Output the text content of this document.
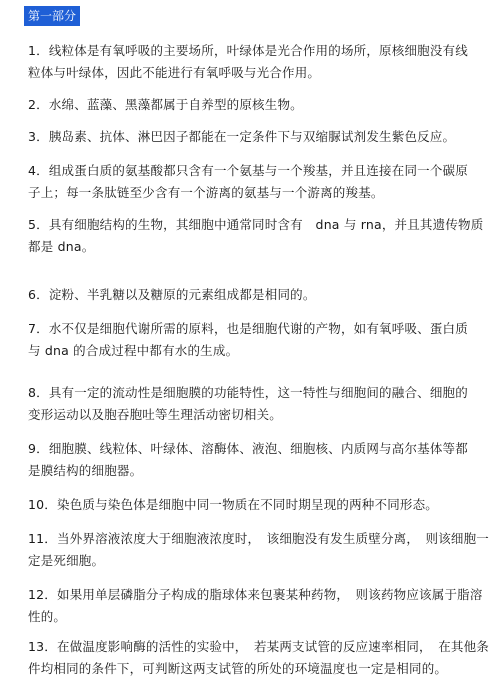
第一部分
1．线粒体是有氧呼吸的主要场所，叶绿体是光合作用的场所，原核细胞没有线
粒体与叶绿体，因此不能进行有氧呼吸与光合作用。
2．水绵、蓝藻、黑藻都属于自养型的原核生物。
3．胰岛素、抗体、淋巴因子都能在一定条件下与双缩脲试剂发生紫色反应。
4．组成蛋白质的氨基酸都只含有一个氨基与一个羧基，并且连接在同一个碳原
子上；每一条肽链至少含有一个游离的氨基与一个游离的羧基。
5．具有细胞结构的生物，其细胞中通常同时含有　dna 与 rna，并且其遗传物质
都是 dna。
6．淀粉、半乳糖以及糖原的元素组成都是相同的。
7．水不仅是细胞代谢所需的原料，也是细胞代谢的产物，如有氧呼吸、蛋白质
与 dna 的合成过程中都有水的生成。
8．具有一定的流动性是细胞膜的功能特性，这一特性与细胞间的融合、细胞的
变形运动以及胞吞胞吐等生理活动密切相关。
9．细胞膜、线粒体、叶绿体、溶酶体、液泡、细胞核、内质网与高尔基体等都
是膜结构的细胞器。
10．染色质与染色体是细胞中同一物质在不同时期呈现的两种不同形态。
11．当外界溶液浓度大于细胞液浓度时，　该细胞没有发生质壁分离，　则该细胞一
定是死细胞。
12．如果用单层磷脂分子构成的脂球体来包裹某种药物，　则该药物应该属于脂溶
性的。
13．在做温度影响酶的活性的实验中，　若某两支试管的反应速率相同，　在其他条
件均相同的条件下，可判断这两支试管的所处的环境温度也一定是相同的。
